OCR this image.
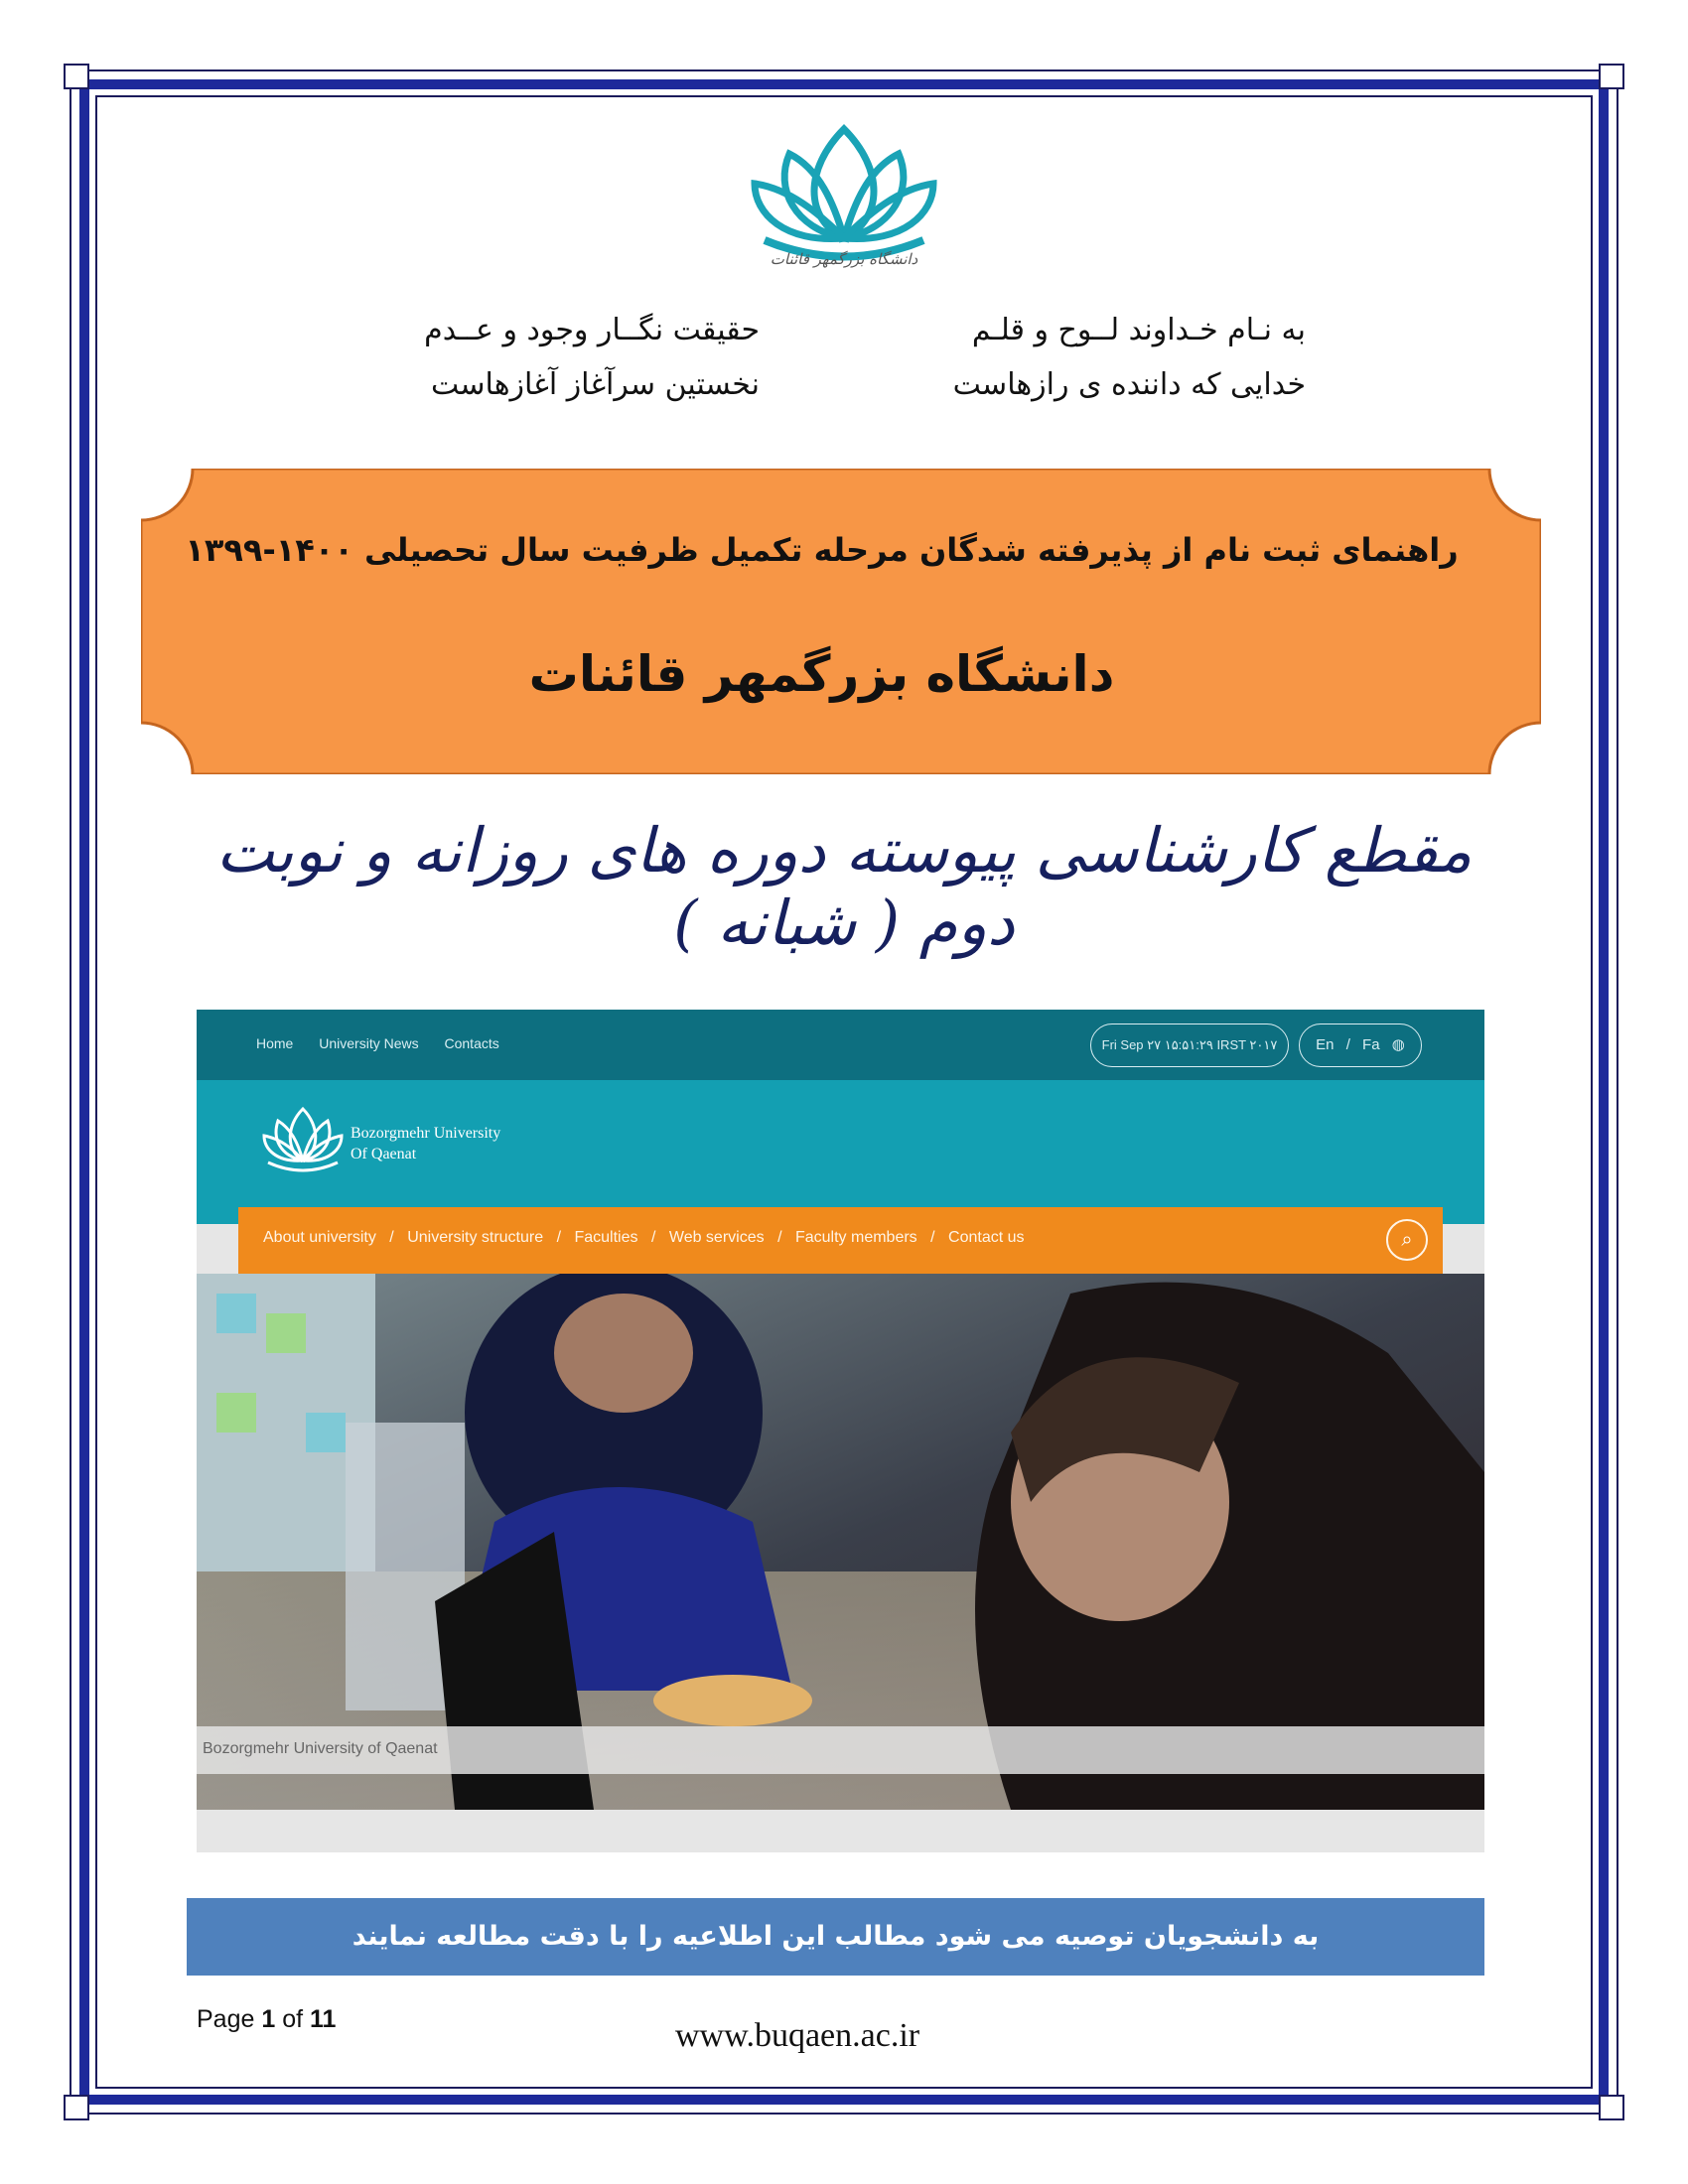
دانشگاه بزرگمهر قائنات
به نـام خـداوند لــوح و قلـم
خدایی که داننده ی رازهاست
حقیقت نگــار وجود و عــدم
نخستین سرآغاز آغازهاست
راهنمای ثبت نام از پذیرفته شدگان مرحله تکمیل ظرفیت سال تحصیلی ۱۴۰۰-۱۳۹۹
دانشگاه بزرگمهر قائنات
مقطع کارشناسی پیوسته دوره های روزانه و نوبت دوم ( شبانه )
Home University News Contacts	Fri Sep ۲۷ ۱۵:۵۱:۲۹ IRST ۲۰۱۷	En / Fa ◍
Bozorgmehr University
Of Qaenat
About university / University structure / Faculties / Web services / Faculty members / Contact us	⌕
Bozorgmehr University of Qaenat
به دانشجویان توصیه می شود مطالب این اطلاعیه را با دقت مطالعه نمایند
Page 1 of 11	www.buqaen.ac.ir
